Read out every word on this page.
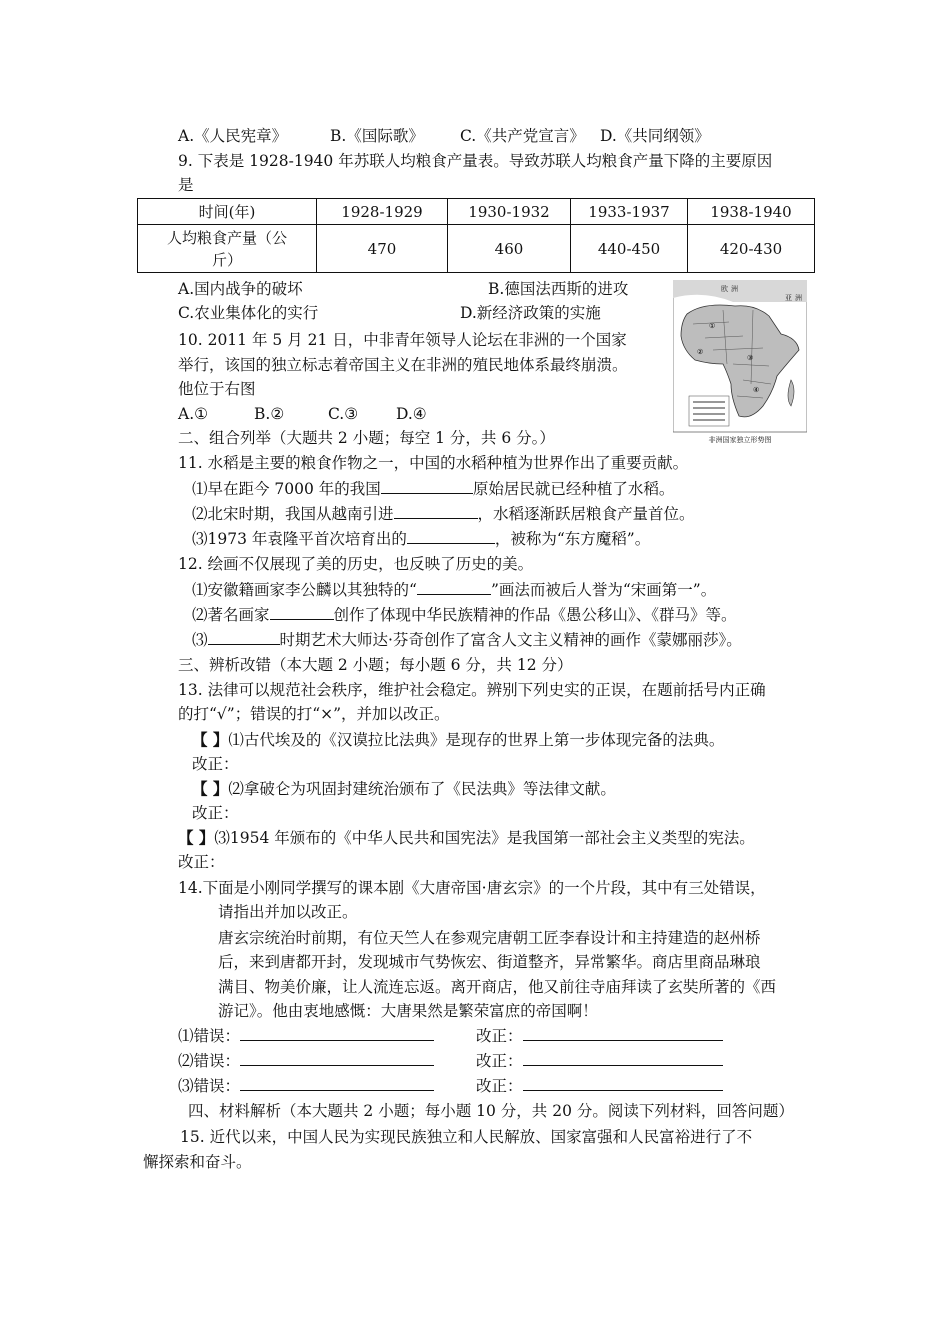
A.《人民宪章》	B.《国际歌》 C.《共产党宣言》 D.《共同纲领》
9. 下表是 1928-1940 年苏联人均粮食产量表。导致苏联人均粮食产量下降的主要原因
是
时间(年)	1928-1929	1930-1932	1933-1937	1938-1940

人均粮食产量（公
斤）	470	460	440-450	420-430
A.国内战争的破坏	B.德国法西斯的进攻
C.农业集体化的实行	D.新经济政策的实施
10. 2011 年 5 月 21 日，中非青年领导人论坛在非洲的一个国家
举行，该国的独立标志着帝国主义在非洲的殖民地体系最终崩溃。
他位于右图
A.①	B.②	C.③ D.④
欧 洲
亚 洲
①
②
③
④
非洲国家独立形势图
二、组合列举（大题共 2 小题；每空 1 分，共 6 分。）
11. 水稻是主要的粮食作物之一，中国的水稻种植为世界作出了重要贡献。
⑴早在距今 7000 年的我国	原始居民就已经种植了水稻。
⑵北宋时期，我国从越南引进	，水稻逐渐跃居粮食产量首位。
⑶1973 年袁隆平首次培育出的	，被称为“东方魔稻”。
12. 绘画不仅展现了美的历史，也反映了历史的美。
⑴安徽籍画家李公麟以其独特的“	”画法而被后人誉为“宋画第一”。
⑵著名画家	创作了体现中华民族精神的作品《愚公移山》、《群马》等。
⑶	时期艺术大师达·芬奇创作了富含人文主义精神的画作《蒙娜丽莎》。
三、辨析改错（本大题 2 小题；每小题 6 分，共 12 分）
13. 法律可以规范社会秩序，维护社会稳定。辨别下列史实的正误，在题前括号内正确
的打“√”；错误的打“×”，并加以改正。
【 】⑴古代埃及的《汉谟拉比法典》是现存的世界上第一步体现完备的法典。
改正：
【 】⑵拿破仑为巩固封建统治颁布了《民法典》等法律文献。
改正：
【 】⑶1954 年颁布的《中华人民共和国宪法》是我国第一部社会主义类型的宪法。
改正：
14.下面是小刚同学撰写的课本剧《大唐帝国·唐玄宗》的一个片段，其中有三处错误，
请指出并加以改正。
唐玄宗统治时前期，有位天竺人在参观完唐朝工匠李春设计和主持建造的赵州桥
后，来到唐都开封，发现城市气势恢宏、街道整齐，异常繁华。商店里商品琳琅
满目、物美价廉，让人流连忘返。离开商店，他又前往寺庙拜读了玄奘所著的《西
游记》。他由衷地感慨：大唐果然是繁荣富庶的帝国啊！
⑴错误：	改正：
⑵错误：	改正：
⑶错误：	改正：
四、材料解析（本大题共 2 小题；每小题 10 分，共 20 分。阅读下列材料，回答问题）
15. 近代以来，中国人民为实现民族独立和人民解放、国家富强和人民富裕进行了不
懈探索和奋斗。
